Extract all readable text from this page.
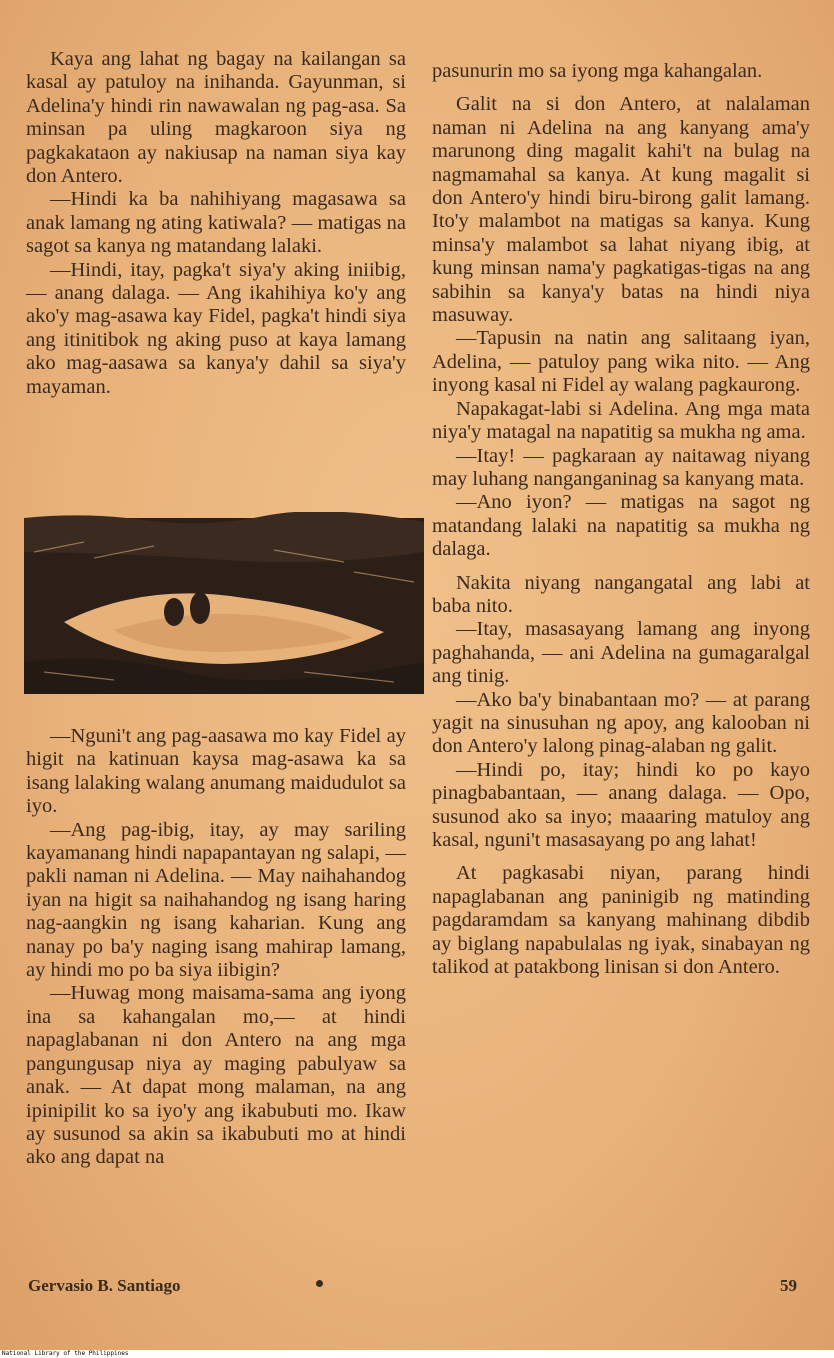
Kaya ang lahat ng bagay na kailangan sa kasal ay patuloy na inihanda. Gayunman, si Adelina'y hindi rin nawawalan ng pag-asa. Sa minsan pa uling magkaroon siya ng pagkakataon ay nakiusap na naman siya kay don Antero.

—Hindi ka ba nahihiyang magasawa sa anak lamang ng ating katiwala? — matigas na sagot sa kanya ng matandang lalaki.

—Hindi, itay, pagka't siya'y aking iniibig, — anang dalaga. — Ang ikahihiya ko'y ang ako'y mag-asawa kay Fidel, pagka't hindi siya ang itinitibok ng aking puso at kaya lamang ako mag-aasawa sa kanya'y dahil sa siya'y mayaman.

—Nguni't ang pag-aasawa mo kay Fidel ay higit na katinuan kaysa mag-asawa ka sa isang lalaking walang anumang maidudulot sa iyo.

—Ang pag-ibig, itay, ay may sariling kayamanang hindi napapantayan ng salapi, — pakli naman ni Adelina. — May naihahandog iyan na higit sa naihahandog ng isang haring nag-aangkin ng isang kaharian. Kung ang nanay po ba'y naging isang mahirap lamang, ay hindi mo po ba siya iibigin?

—Huwag mong maisama-sama ang iyong ina sa kahangalan mo,— at hindi napaglabanan ni don Antero na ang mga pangungusap niya ay maging pabulyaw sa anak. — At dapat mong malaman, na ang ipinipilit ko sa iyo'y ang ikabubuti mo. Ikaw ay susunod sa akin sa ikabubuti mo at hindi ako ang dapat na

pasunurin mo sa iyong mga kahangalan.

Galit na si don Antero, at nalalaman naman ni Adelina na ang kanyang ama'y marunong ding magalit kahi't na bulag na nagmamahal sa kanya. At kung magalit si don Antero'y hindi biru-birong galit lamang. Ito'y malambot na matigas sa kanya. Kung minsa'y malambot sa lahat niyang ibig, at kung minsan nama'y pagkatigas-tigas na ang sabihin sa kanya'y batas na hindi niya masuway.

—Tapusin na natin ang salitaang iyan, Adelina, — patuloy pang wika nito. — Ang inyong kasal ni Fidel ay walang pagkaurong.

Napakagat-labi si Adelina. Ang mga mata niya'y matagal na napatitig sa mukha ng ama.

—Itay! — pagkaraan ay naitawag niyang may luhang nanganganinag sa kanyang mata.

—Ano iyon? — matigas na sagot ng matandang lalaki na napatitig sa mukha ng dalaga.

Nakita niyang nangangatal ang labi at baba nito.

—Itay, masasayang lamang ang inyong paghahanda, — ani Adelina na gumagaralgal ang tinig.

—Ako ba'y binabantaan mo? — at parang yagit na sinusuhan ng apoy, ang kalooban ni don Antero'y lalong pinag-alaban ng galit.

—Hindi po, itay; hindi ko po kayo pinagbabantaan, — anang dalaga. — Opo, susunod ako sa inyo; maaaring matuloy ang kasal, nguni't masasayang po ang lahat!

At pagkasabi niyan, parang hindi napaglabanan ang paninigib ng matinding pagdaramdam sa kanyang mahinang dibdib ay biglang napabulalas ng iyak, sinabayan ng talikod at patakbong linisan si don Antero.

Gervasio B. Santiago	59
National Library of the Philippines
